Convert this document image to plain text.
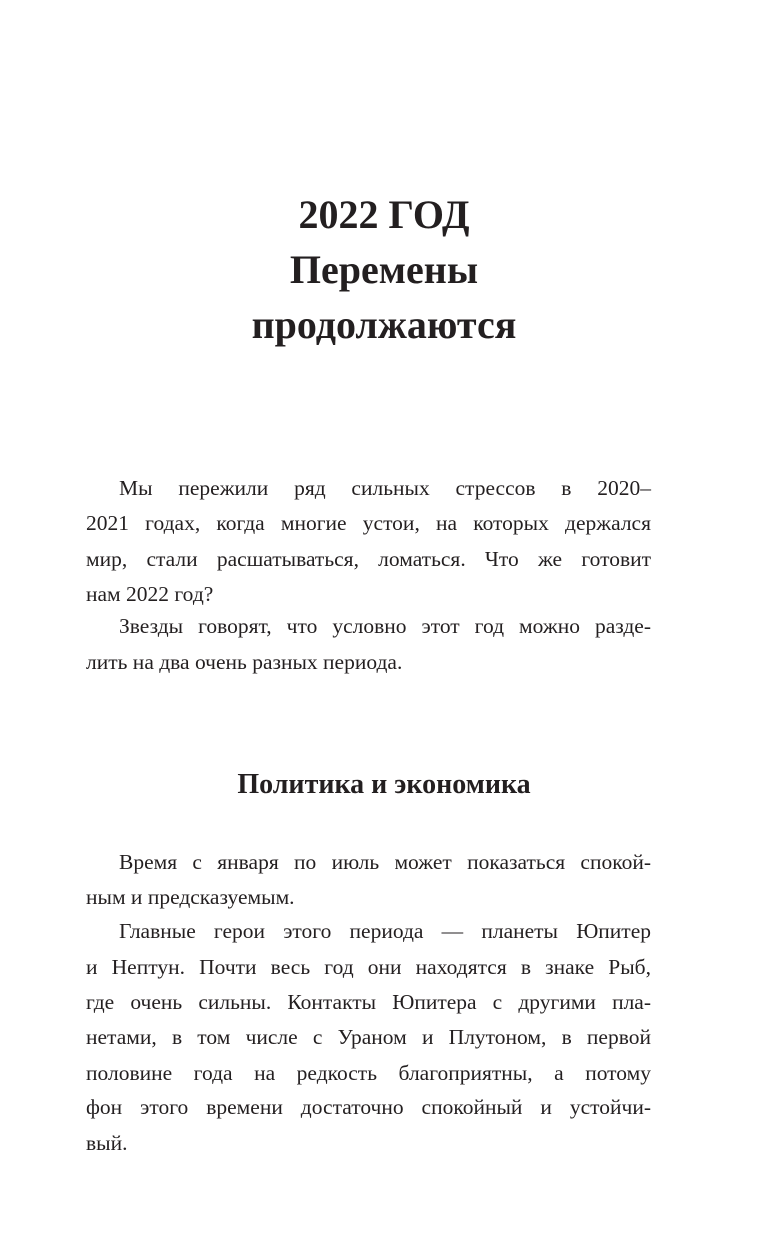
2022 ГОД
Перемены
продолжаются
Мы пережили ряд сильных стрессов в 2020–
2021 годах, когда многие устои, на которых держался
мир, стали расшатываться, ломаться. Что же готовит
нам 2022 год?
Звезды говорят, что условно этот год можно разде-
лить на два очень разных периода.
Политика и экономика
Время с января по июль может показаться спокой-
ным и предсказуемым.
Главные герои этого периода — планеты Юпитер
и Нептун. Почти весь год они находятся в знаке Рыб,
где очень сильны. Контакты Юпитера с другими пла-
нетами, в том числе с Ураном и Плутоном, в первой
половине года на редкость благоприятны, а потому
фон этого времени достаточно спокойный и устойчи-
вый.
